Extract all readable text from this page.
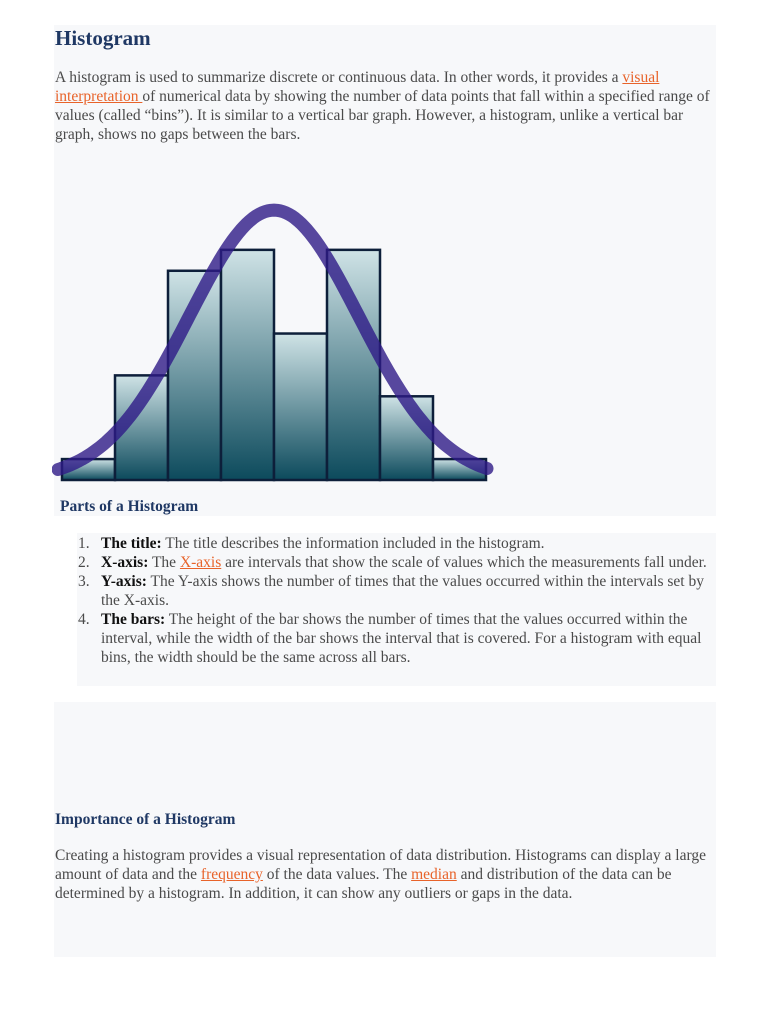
Histogram

A histogram is used to summarize discrete or continuous data. In other words, it provides a visual interpretation of numerical data by showing the number of data points that fall within a specified range of values (called “bins”). It is similar to a vertical bar graph. However, a histogram, unlike a vertical bar graph, shows no gaps between the bars.

Parts of a Histogram
1. The title: The title describes the information included in the histogram.
2. X-axis: The X-axis are intervals that show the scale of values which the measurements fall under.
3. Y-axis: The Y-axis shows the number of times that the values occurred within the intervals set by the X-axis.
4. The bars: The height of the bar shows the number of times that the values occurred within the interval, while the width of the bar shows the interval that is covered. For a histogram with equal bins, the width should be the same across all bars.
Importance of a Histogram

Creating a histogram provides a visual representation of data distribution. Histograms can display a large amount of data and the frequency of the data values. The median and distribution of the data can be determined by a histogram. In addition, it can show any outliers or gaps in the data.
